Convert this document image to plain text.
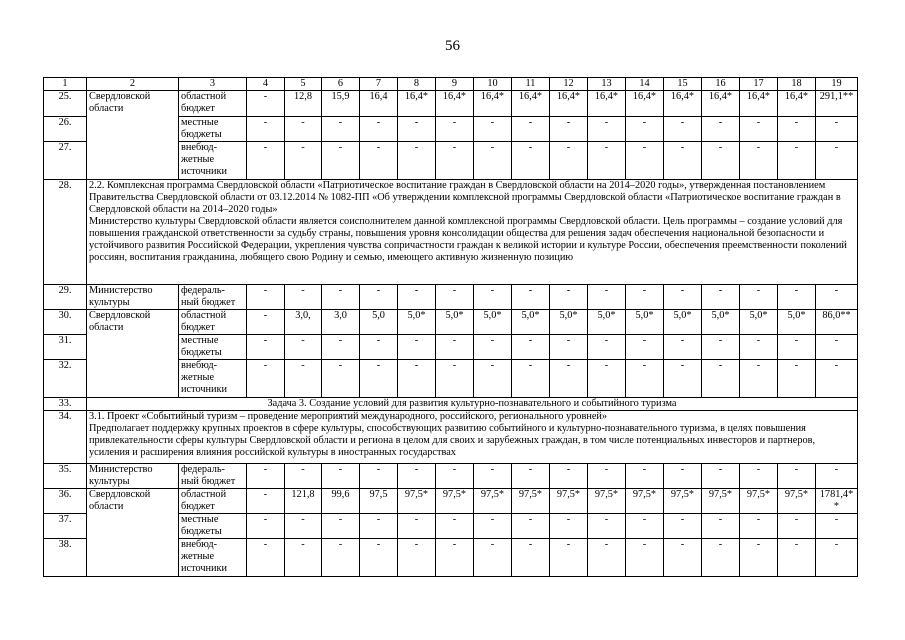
56
1	2	3	4	5	6	7	8	9	10	11	12	13	14	15	16	17	18	19
25.	Свердловской
области	областной
бюджет	-	12,8	15,9	16,4	16,4*	16,4*	16,4*	16,4*	16,4*	16,4*	16,4*	16,4*	16,4*	16,4*	16,4*	291,1**
26.		местные
бюджеты	-	-	-	-	-	-	-	-	-	-	-	-	-	-	-	-
27.		внебюд-
жетные
источники	-	-	-	-	-	-	-	-	-	-	-	-	-	-	-	-
28.	2.2. Комплексная программа Свердловской области «Патриотическое воспитание граждан в Свердловской области на 2014–2020 годы», утвержденная постановлением Правительства Свердловской области от 03.12.2014 № 1082-ПП «Об утверждении комплексной программы Свердловской области «Патриотическое воспитание граждан в Свердловской области на 2014–2020 годы»
Министерство культуры Свердловской области является соисполнителем данной комплексной программы Свердловской области. Цель программы – создание условий для повышения гражданской ответственности за судьбу страны, повышения уровня консолидации общества для решения задач обеспечения национальной безопасности и устойчивого развития Российской Федерации, укрепления чувства сопричастности граждан к великой истории и культуре России, обеспечения преемственности поколений россиян, воспитания гражданина, любящего свою Родину и семью, имеющего активную жизненную позицию																	
29.	Министерство
культуры	федераль-
ный бюджет	-	-	-	-	-	-	-	-	-	-	-	-	-	-	-	-
30.	Свердловской
области	областной
бюджет	-	3,0,	3,0	5,0	5,0*	5,0*	5,0*	5,0*	5,0*	5,0*	5,0*	5,0*	5,0*	5,0*	5,0*	86,0**
31.		местные
бюджеты	-	-	-	-	-	-	-	-	-	-	-	-	-	-	-	-
32.		внебюд-
жетные
источники	-	-	-	-	-	-	-	-	-	-	-	-	-	-	-	-
33.	Задача 3. Создание условий для развития культурно-познавательного и событийного туризма																	
34.	3.1. Проект «Событийный туризм – проведение мероприятий международного, российского, регионального уровней»
Предполагает поддержку крупных проектов в сфере культуры, способствующих развитию событийного и культурно-познавательного туризма, в целях повышения привлекательности сферы культуры Свердловской области и региона в целом для своих и зарубежных граждан, в том числе потенциальных инвесторов и партнеров, усиления и расширения влияния российской культуры в иностранных государствах																	
35.	Министерство
культуры	федераль-
ный бюджет	-	-	-	-	-	-	-	-	-	-	-	-	-	-	-	-
36.	Свердловской
области	областной
бюджет	-	121,8	99,6	97,5	97,5*	97,5*	97,5*	97,5*	97,5*	97,5*	97,5*	97,5*	97,5*	97,5*	97,5*	1781,4*
*
37.		местные
бюджеты	-	-	-	-	-	-	-	-	-	-	-	-	-	-	-	-
38.		внебюд-
жетные
источники	-	-	-	-	-	-	-	-	-	-	-	-	-	-	-	-
